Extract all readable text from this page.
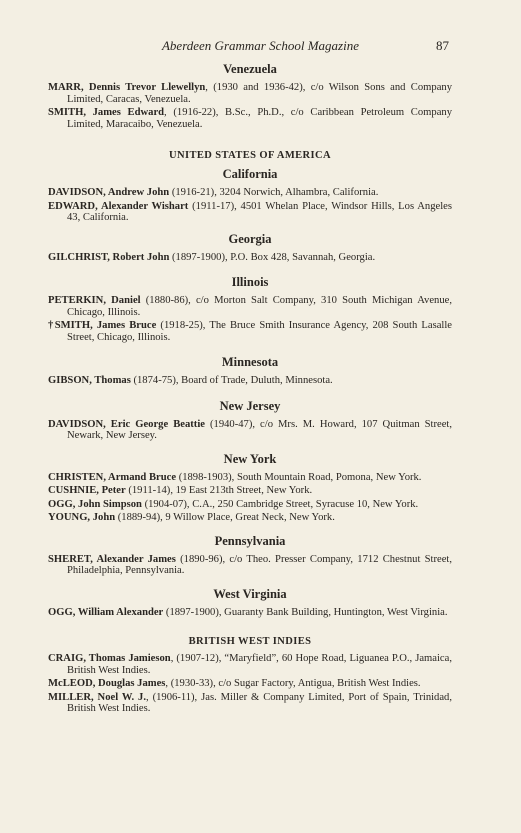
Aberdeen Grammar School Magazine	87
Venezuela
MARR, Dennis Trevor Llewellyn, (1930 and 1936-42), c/o Wilson Sons and Company Limited, Caracas, Venezuela.
SMITH, James Edward, (1916-22), B.Sc., Ph.D., c/o Caribbean Petroleum Company Limited, Maracaibo, Venezuela.
UNITED STATES OF AMERICA
California
DAVIDSON, Andrew John (1916-21), 3204 Norwich, Alhambra, California.
EDWARD, Alexander Wishart (1911-17), 4501 Whelan Place, Windsor Hills, Los Angeles 43, California.
Georgia
GILCHRIST, Robert John (1897-1900), P.O. Box 428, Savannah, Georgia.
Illinois
PETERKIN, Daniel (1880-86), c/o Morton Salt Company, 310 South Michigan Avenue, Chicago, Illinois.
†SMITH, James Bruce (1918-25), The Bruce Smith Insurance Agency, 208 South Lasalle Street, Chicago, Illinois.
Minnesota
GIBSON, Thomas (1874-75), Board of Trade, Duluth, Minnesota.
New Jersey
DAVIDSON, Eric George Beattie (1940-47), c/o Mrs. M. Howard, 107 Quitman Street, Newark, New Jersey.
New York
CHRISTEN, Armand Bruce (1898-1903), South Mountain Road, Pomona, New York.
CUSHNIE, Peter (1911-14), 19 East 213th Street, New York.
OGG, John Simpson (1904-07), C.A., 250 Cambridge Street, Syracuse 10, New York.
YOUNG, John (1889-94), 9 Willow Place, Great Neck, New York.
Pennsylvania
SHERET, Alexander James (1890-96), c/o Theo. Presser Company, 1712 Chestnut Street, Philadelphia, Pennsylvania.
West Virginia
OGG, William Alexander (1897-1900), Guaranty Bank Building, Huntington, West Virginia.
BRITISH WEST INDIES
CRAIG, Thomas Jamieson, (1907-12), “Maryfield”, 60 Hope Road, Liguanea P.O., Jamaica, British West Indies.
McLEOD, Douglas James, (1930-33), c/o Sugar Factory, Antigua, British West Indies.
MILLER, Noel W. J., (1906-11), Jas. Miller & Company Limited, Port of Spain, Trinidad, British West Indies.
